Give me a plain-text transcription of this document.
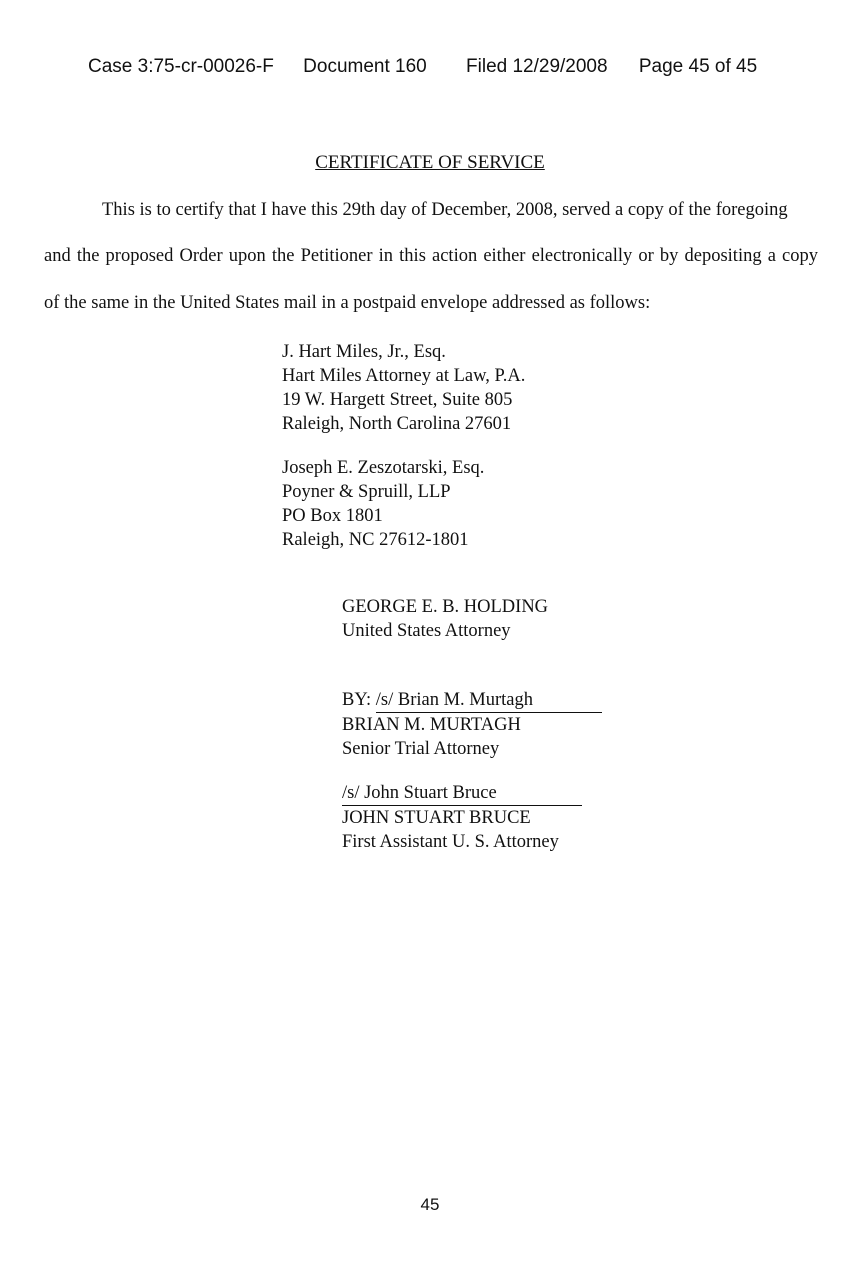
Case 3:75-cr-00026-F Document 160 Filed 12/29/2008 Page 45 of 45
CERTIFICATE OF SERVICE
This is to certify that I have this 29th day of December, 2008, served a copy of the foregoing
and the proposed Order upon the Petitioner in this action either electronically or by depositing a copy
of the same in the United States mail in a postpaid envelope addressed as follows:
J. Hart Miles, Jr., Esq.
Hart Miles Attorney at Law, P.A.
19 W. Hargett Street, Suite 805
Raleigh, North Carolina 27601
Joseph E. Zeszotarski, Esq.
Poyner & Spruill, LLP
PO Box 1801
Raleigh, NC 27612-1801
GEORGE E. B. HOLDING
United States Attorney
BY: /s/ Brian M. Murtagh
BRIAN M. MURTAGH
Senior Trial Attorney
/s/ John Stuart Bruce
JOHN STUART BRUCE
First Assistant U. S. Attorney
45
